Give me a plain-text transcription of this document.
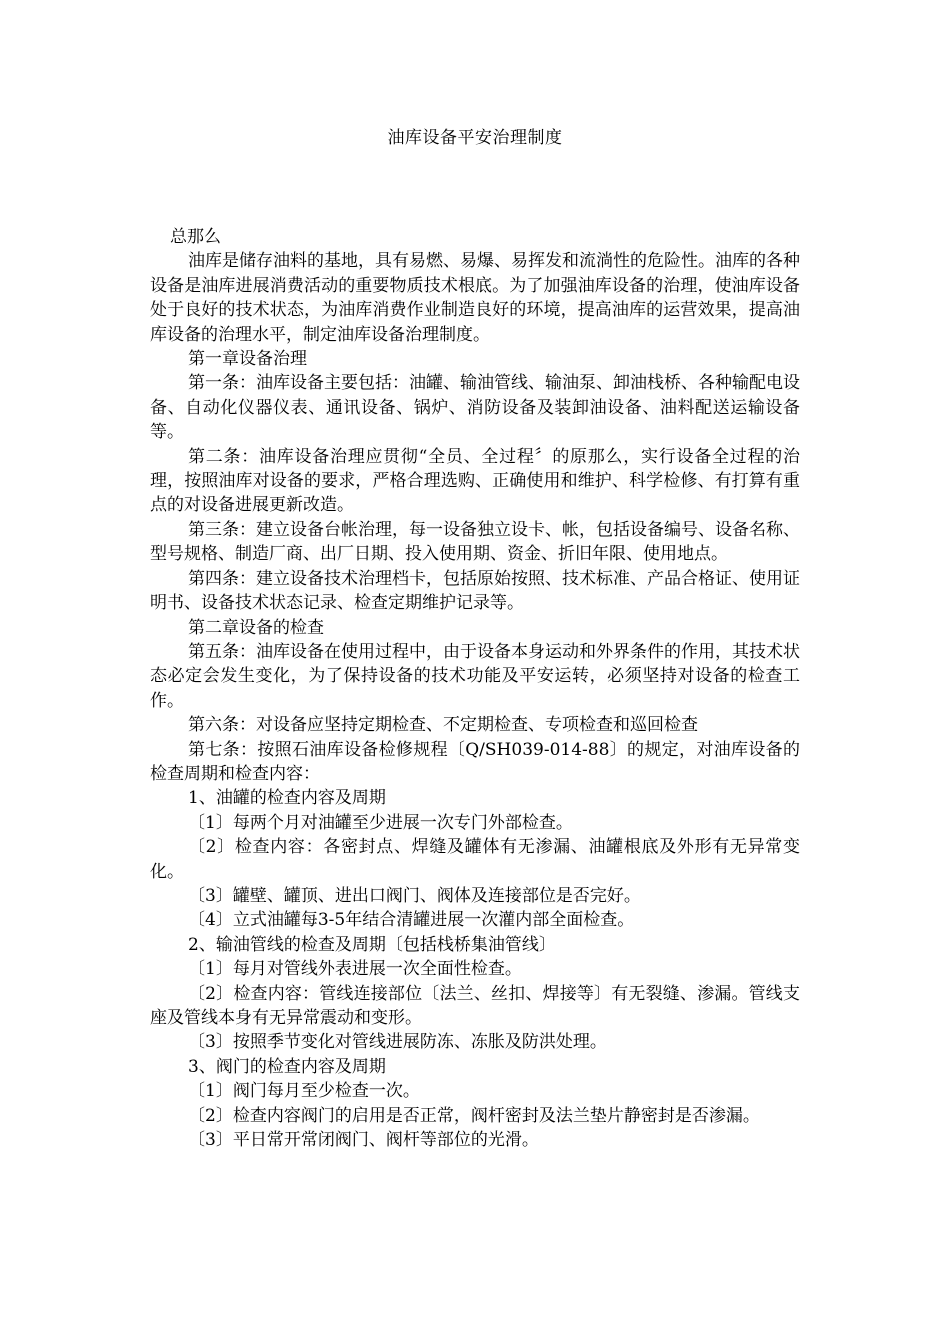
油库设备平安治理制度

总那么

油库是储存油料的基地，具有易燃、易爆、易挥发和流淌性的危险性。油库的各种设备是油库进展消费活动的重要物质技术根底。为了加强油库设备的治理，使油库设备处于良好的技术状态，为油库消费作业制造良好的环境，提高油库的运营效果，提高油库设备的治理水平，制定油库设备治理制度。

第一章设备治理

第一条：油库设备主要包括：油罐、输油管线、输油泵、卸油栈桥、各种输配电设备、自动化仪器仪表、通讯设备、锅炉、消防设备及装卸油设备、油料配送运输设备等。

第二条：油库设备治理应贯彻“全员、全过程〞的原那么，实行设备全过程的治理，按照油库对设备的要求，严格合理选购、正确使用和维护、科学检修、有打算有重点的对设备进展更新改造。

第三条：建立设备台帐治理，每一设备独立设卡、帐，包括设备编号、设备名称、型号规格、制造厂商、出厂日期、投入使用期、资金、折旧年限、使用地点。

第四条：建立设备技术治理档卡，包括原始按照、技术标准、产品合格证、使用证明书、设备技术状态记录、检查定期维护记录等。

第二章设备的检查

第五条：油库设备在使用过程中，由于设备本身运动和外界条件的作用，其技术状态必定会发生变化，为了保持设备的技术功能及平安运转，必须坚持对设备的检查工作。

第六条：对设备应坚持定期检查、不定期检查、专项检查和巡回检查

第七条：按照石油库设备检修规程〔Q/SH039-014-88〕的规定，对油库设备的检查周期和检查内容：

1、油罐的检查内容及周期

〔1〕每两个月对油罐至少进展一次专门外部检查。

〔2〕检查内容：各密封点、焊缝及罐体有无渗漏、油罐根底及外形有无异常变化。

〔3〕罐壁、罐顶、进出口阀门、阀体及连接部位是否完好。

〔4〕立式油罐每3-5年结合清罐进展一次灌内部全面检查。

2、输油管线的检查及周期〔包括栈桥集油管线〕

〔1〕每月对管线外表进展一次全面性检查。

〔2〕检查内容：管线连接部位〔法兰、丝扣、焊接等〕有无裂缝、渗漏。管线支座及管线本身有无异常震动和变形。

〔3〕按照季节变化对管线进展防冻、冻胀及防洪处理。

3、阀门的检查内容及周期

〔1〕阀门每月至少检查一次。

〔2〕检查内容阀门的启用是否正常，阀杆密封及法兰垫片静密封是否渗漏。

〔3〕平日常开常闭阀门、阀杆等部位的光滑。
